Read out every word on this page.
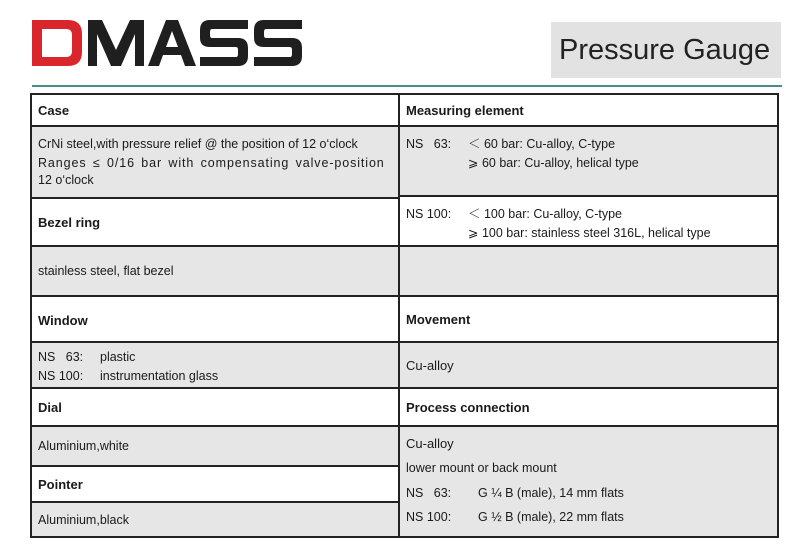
Pressure Gauge
Case
CrNi steel,with pressure relief @ the position of 12 o‘clock
Ranges ≤ 0/16 bar with compensating valve-position
12 o‘clock
Bezel ring
stainless steel, flat bezel
Window
NS   63: plastic
NS 100: instrumentation glass
Dial
Aluminium,white
Pointer
Aluminium,black
Measuring element
NS   63: ＜ 60 bar: Cu-alloy, C-type
⩾ 60 bar: Cu-alloy, helical type
NS 100: ＜ 100 bar: Cu-alloy, C-type
⩾ 100 bar: stainless steel 316L, helical type
Movement
Cu-alloy
Process connection
Cu-alloy
lower mount or back mount
NS   63: G ¼ B (male), 14 mm flats
NS 100: G ½ B (male), 22 mm flats
